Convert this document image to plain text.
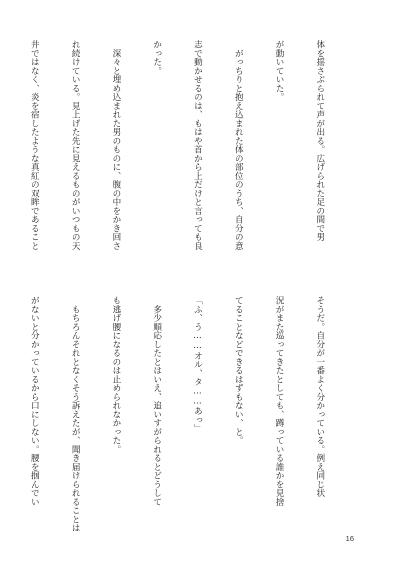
体を揺さぶられて声が出る。広げられた足の間で男

が動いていた。

　がっちりと抱え込まれた体の部位のうち、自分の意

志で動かせるのは、もはや首から上だけと言っても良

かった。

　深々と埋め込まれた男のものに、腹の中をかき回さ

れ続けている。見上げた先に見えるものがいつもの天

井ではなく、炎を宿したような真紅の双眸であること

そうだ。自分が一番よく分かっている。例え同じ状

況がまた巡ってきたとしても、蹲っている誰かを見捨

てることなどできるはずもない、と。

「ふ、う……オル、タ……あっ」

　多少順応したとはいえ、追いすがられるとどうして

も逃げ腰になるのは止められなかった。

　もちろんそれとなくそう訴えたが、聞き届けられることは

がないと分かっているから口にしない。腰を掴んでい

16
